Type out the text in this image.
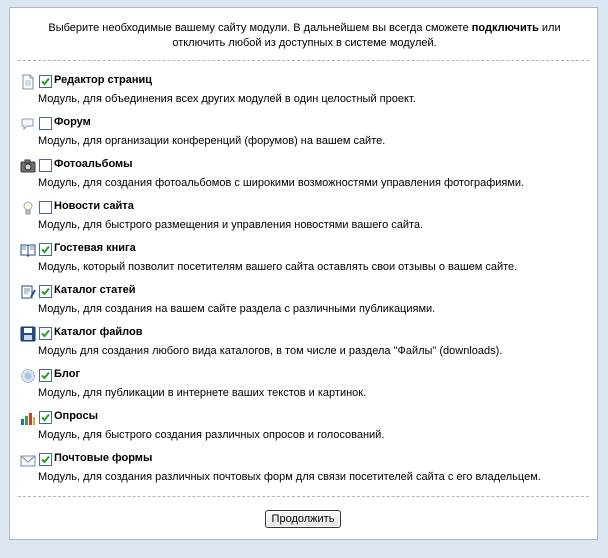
Выберите необходимые вашему сайту модули. В дальнейшем вы всегда сможете подключить или
отключить любой из доступных в системе модулей.
Редактор страниц
Модуль, для объединения всех других модулей в один целостный проект.
Форум
Модуль, для организации конференций (форумов) на вашем сайте.
Фотоальбомы
Модуль, для создания фотоальбомов с широкими возможностями управления фотографиями.
Новости сайта
Модуль, для быстрого размещения и управления новостями вашего сайта.
Гостевая книга
Модуль, который позволит посетителям вашего сайта оставлять свои отзывы о вашем сайте.
Каталог статей
Модуль, для создания на вашем сайте раздела с различными публикациями.
Каталог файлов
Модуль для создания любого вида каталогов, в том числе и раздела "Файлы" (downloads).
Блог
Модуль, для публикации в интернете ваших текстов и картинок.
Опросы
Модуль, для быстрого создания различных опросов и голосований.
Почтовые формы
Модуль, для создания различных почтовых форм для связи посетителей сайта с его владельцем.
Продолжить
